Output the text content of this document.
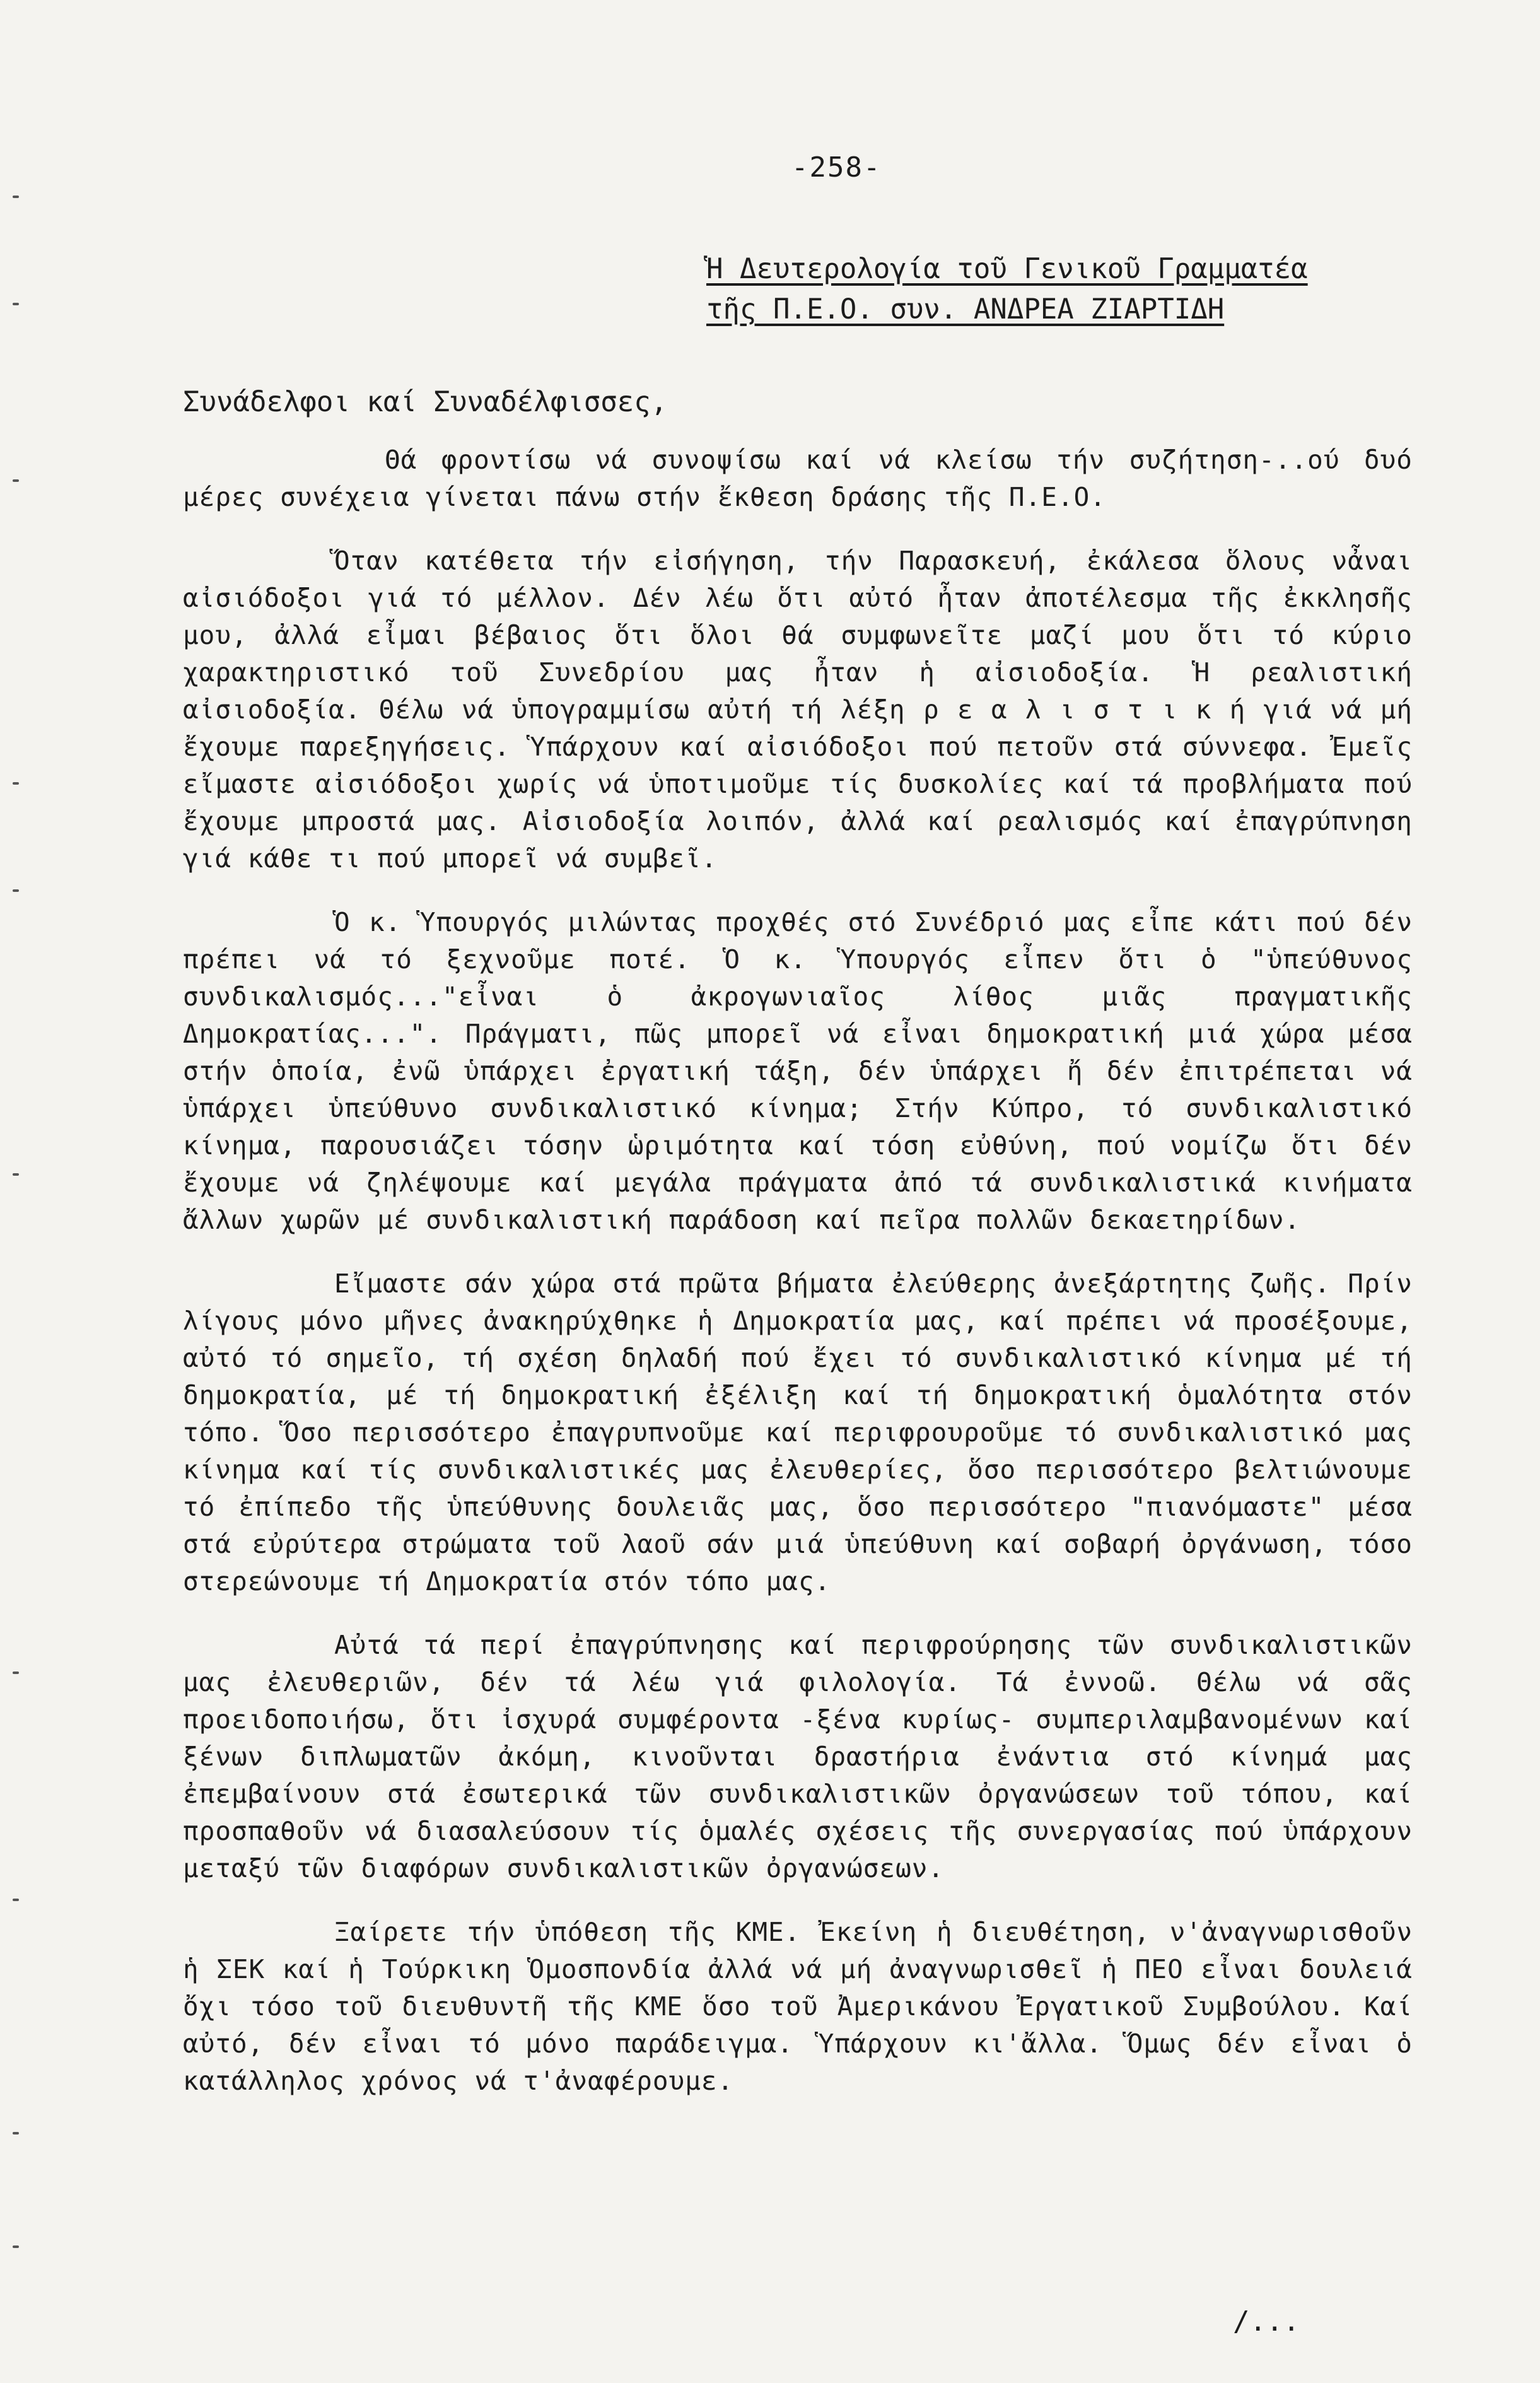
-258-
Ἡ Δευτερολογία τοῦ Γενικοῦ Γραμματέα
τῆς Π.Ε.Ο. συν. ΑΝΔΡΕΑ ΖΙΑΡΤΙΔΗ
Συνάδελφοι καί Συναδέλφισσες,

Θά φροντίσω νά συνοψίσω καί νά κλείσω τήν συζήτηση-..ού δυό μέρες συνέχεια γίνεται πάνω στήν ἔκθεση δράσης τῆς Π.Ε.Ο.

Ὅταν κατέθετα τήν εἰσήγηση, τήν Παρασκευή, ἐκάλεσα ὅλους νἆναι αἰσιόδοξοι γιά τό μέλλον. Δέν λέω ὅτι αὐτό ἦταν ἀποτέλεσμα τῆς ἐκκλησῆς μου, ἀλλά εἶμαι βέβαιος ὅτι ὅλοι θά συμφωνεῖτε μαζί μου ὅτι τό κύριο χαρακτηριστικό τοῦ Συνεδρίου μας ἦταν ἡ αἰσιοδοξία. Ἡ ρεαλιστική αἰσιοδοξία. Θέλω νά ὑπογραμμίσω αὐτή τή λέξη ρ ε α λ ι σ τ ι κ ή γιά νά μή ἔχουμε παρεξηγήσεις. Ὑπάρχουν καί αἰσιόδοξοι πού πετοῦν στά σύννεφα. Ἐμεῖς εἴμαστε αἰσιόδοξοι χωρίς νά ὑποτιμοῦμε τίς δυσκολίες καί τά προβλήματα πού ἔχουμε μπροστά μας. Αἰσιοδοξία λοιπόν, ἀλλά καί ρεαλισμός καί ἐπαγρύπνηση γιά κάθε τι πού μπορεῖ νά συμβεῖ.

Ὁ κ. Ὑπουργός μιλώντας προχθές στό Συνέδριό μας εἶπε κάτι πού δέν πρέπει νά τό ξεχνοῦμε ποτέ. Ὁ κ. Ὑπουργός εἶπεν ὅτι ὁ "ὑπεύθυνος συνδικαλισμός..."εἶναι ὁ ἀκρογωνιαῖος λίθος μιᾶς πραγματικῆς Δημοκρατίας...". Πράγματι, πῶς μπορεῖ νά εἶναι δημοκρατική μιά χώρα μέσα στήν ὁποία, ἐνῶ ὑπάρχει ἐργατική τάξη, δέν ὑπάρχει ἤ δέν ἐπιτρέπεται νά ὑπάρχει ὑπεύθυνο συνδικαλιστικό κίνημα; Στήν Κύπρο, τό συνδικαλιστικό κίνημα, παρουσιάζει τόσην ὡριμότητα καί τόση εὐθύνη, πού νομίζω ὅτι δέν ἔχουμε νά ζηλέψουμε καί μεγάλα πράγματα ἀπό τά συνδικαλιστικά κινήματα ἄλλων χωρῶν μέ συνδικαλιστική παράδοση καί πεῖρα πολλῶν δεκαετηρίδων.

Εἴμαστε σάν χώρα στά πρῶτα βήματα ἐλεύθερης ἀνεξάρτητης ζωῆς. Πρίν λίγους μόνο μῆνες ἀνακηρύχθηκε ἡ Δημοκρατία μας, καί πρέπει νά προσέξουμε, αὐτό τό σημεῖο, τή σχέση δηλαδή πού ἔχει τό συνδικαλιστικό κίνημα μέ τή δημοκρατία, μέ τή δημοκρατική ἐξέλιξη καί τή δημοκρατική ὁμαλότητα στόν τόπο. Ὅσο περισσότερο ἐπαγρυπνοῦμε καί περιφρουροῦμε τό συνδικαλιστικό μας κίνημα καί τίς συνδικαλιστικές μας ἐλευθερίες, ὅσο περισσότερο βελτιώνουμε τό ἐπίπεδο τῆς ὑπεύθυνης δουλειᾶς μας, ὅσο περισσότερο "πιανόμαστε" μέσα στά εὐρύτερα στρώματα τοῦ λαοῦ σάν μιά ὑπεύθυνη καί σοβαρή ὀργάνωση, τόσο στερεώνουμε τή Δημοκρατία στόν τόπο μας.

Αὐτά τά περί ἐπαγρύπνησης καί περιφρούρησης τῶν συνδικαλιστικῶν μας ἐλευθεριῶν, δέν τά λέω γιά φιλολογία. Τά ἐννοῶ. Θέλω νά σᾶς προειδοποιήσω, ὅτι ἰσχυρά συμφέροντα -ξένα κυρίως- συμπεριλαμβανομένων καί ξένων διπλωματῶν ἀκόμη, κινοῦνται δραστήρια ἐνάντια στό κίνημά μας ἐπεμβαίνουν στά ἐσωτερικά τῶν συνδικαλιστικῶν ὀργανώσεων τοῦ τόπου, καί προσπαθοῦν νά διασαλεύσουν τίς ὁμαλές σχέσεις τῆς συνεργασίας πού ὑπάρχουν μεταξύ τῶν διαφόρων συνδικαλιστικῶν ὀργανώσεων.

Ξαίρετε τήν ὑπόθεση τῆς ΚΜΕ. Ἐκείνη ἡ διευθέτηση, ν'ἀναγνωρισθοῦν ἡ ΣΕΚ καί ἡ Τούρκικη Ὁμοσπονδία ἀλλά νά μή ἀναγνωρισθεῖ ἡ ΠΕΟ εἶναι δουλειά ὄχι τόσο τοῦ διευθυντῆ τῆς ΚΜΕ ὅσο τοῦ Ἀμερικάνου Ἐργατικοῦ Συμβούλου. Καί αὐτό, δέν εἶναι τό μόνο παράδειγμα. Ὑπάρχουν κι'ἄλλα. Ὅμως δέν εἶναι ὁ κατάλληλος χρόνος νά τ'ἀναφέρουμε.

/...
